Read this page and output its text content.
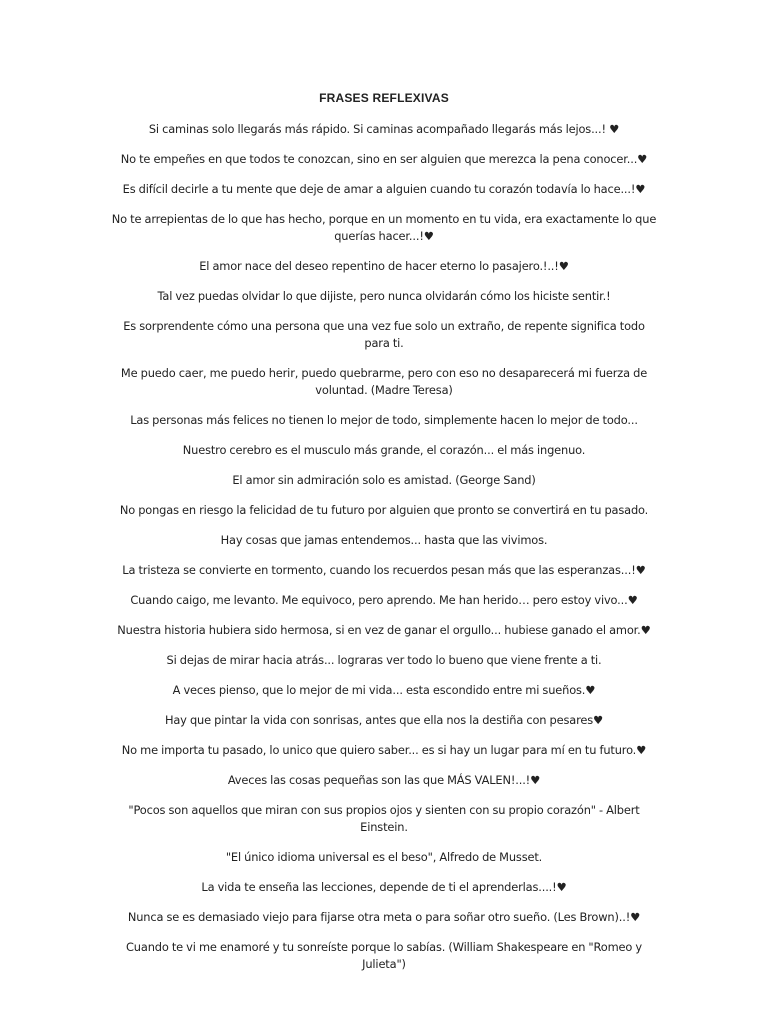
FRASES REFLEXIVAS

Si caminas solo llegarás más rápido. Si caminas acompañado llegarás más lejos...! ♥

No te empeñes en que todos te conozcan, sino en ser alguien que merezca la pena conocer...♥

Es difícil decirle a tu mente que deje de amar a alguien cuando tu corazón todavía lo hace...!♥

No te arrepientas de lo que has hecho, porque en un momento en tu vida, era exactamente lo que querías hacer...!♥

El amor nace del deseo repentino de hacer eterno lo pasajero.!..!♥

Tal vez puedas olvidar lo que dijiste, pero nunca olvidarán cómo los hiciste sentir.!

Es sorprendente cómo una persona que una vez fue solo un extraño, de repente significa todo para ti.

Me puedo caer, me puedo herir, puedo quebrarme, pero con eso no desaparecerá mi fuerza de voluntad. (Madre Teresa)

Las personas más felices no tienen lo mejor de todo, simplemente hacen lo mejor de todo...

Nuestro cerebro es el musculo más grande, el corazón... el más ingenuo.

El amor sin admiración solo es amistad. (George Sand)

No pongas en riesgo la felicidad de tu futuro por alguien que pronto se convertirá en tu pasado.

Hay cosas que jamas entendemos... hasta que las vivimos.

La tristeza se convierte en tormento, cuando los recuerdos pesan más que las esperanzas...!♥

Cuando caigo, me levanto. Me equivoco, pero aprendo. Me han herido… pero estoy vivo...♥

Nuestra historia hubiera sido hermosa, si en vez de ganar el orgullo... hubiese ganado el amor.♥

Si dejas de mirar hacia atrás... lograras ver todo lo bueno que viene frente a ti.

A veces pienso, que lo mejor de mi vida... esta escondido entre mi sueños.♥

Hay que pintar la vida con sonrisas, antes que ella nos la destiña con pesares♥

No me importa tu pasado, lo unico que quiero saber... es si hay un lugar para mí en tu futuro.♥

Aveces las cosas pequeñas son las que MÁS VALEN!...!♥

"Pocos son aquellos que miran con sus propios ojos y sienten con su propio corazón" - Albert Einstein.

"El único idioma universal es el beso", Alfredo de Musset.

La vida te enseña las lecciones, depende de ti el aprenderlas....!♥

Nunca se es demasiado viejo para fijarse otra meta o para soñar otro sueño. (Les Brown)..!♥

Cuando te vi me enamoré y tu sonreíste porque lo sabías. (William Shakespeare en "Romeo y Julieta")
